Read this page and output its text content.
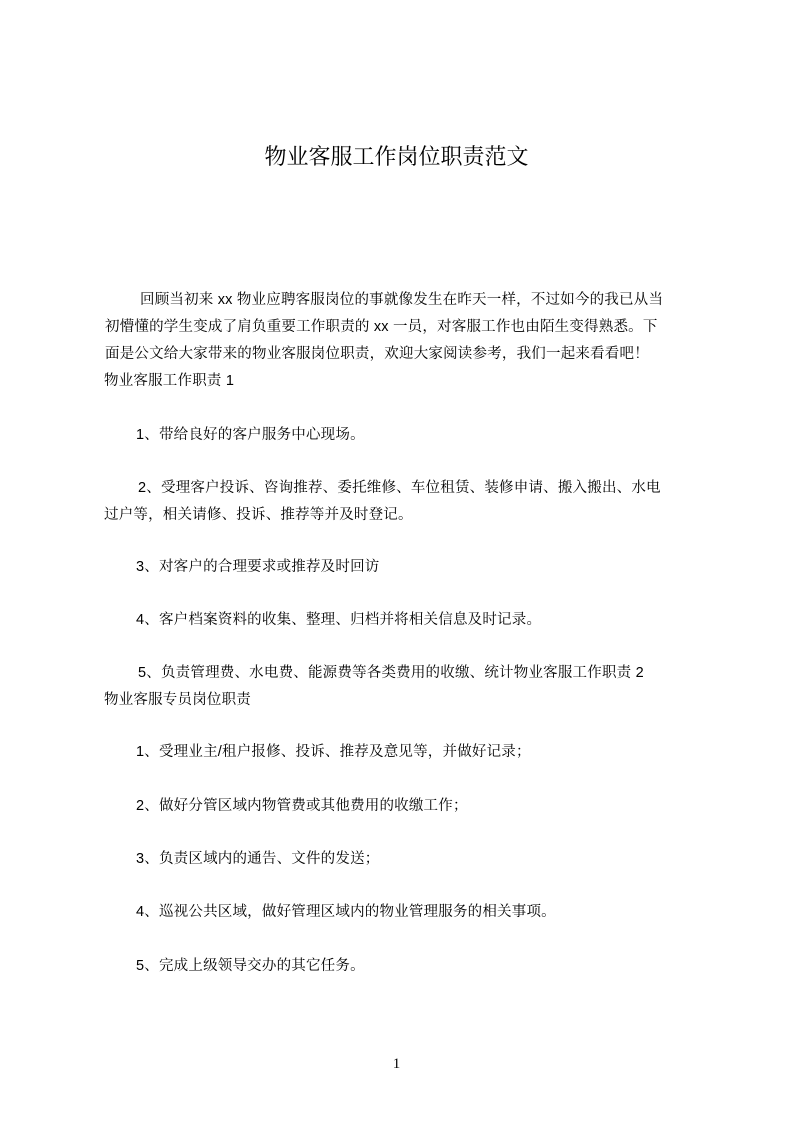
物业客服工作岗位职责范文
回顾当初来 xx 物业应聘客服岗位的事就像发生在昨天一样，不过如今的我已从当
初懵懂的学生变成了肩负重要工作职责的 xx 一员，对客服工作也由陌生变得熟悉。下
面是公文给大家带来的物业客服岗位职责，欢迎大家阅读参考，我们一起来看看吧！
物业客服工作职责 1
1、带给良好的客户服务中心现场。
2、受理客户投诉、咨询推荐、委托维修、车位租赁、装修申请、搬入搬出、水电
过户等，相关请修、投诉、推荐等并及时登记。
3、对客户的合理要求或推荐及时回访
4、客户档案资料的收集、整理、归档并将相关信息及时记录。
5、负责管理费、水电费、能源费等各类费用的收缴、统计物业客服工作职责 2
物业客服专员岗位职责
1、受理业主/租户报修、投诉、推荐及意见等，并做好记录；
2、做好分管区域内物管费或其他费用的收缴工作；
3、负责区域内的通告、文件的发送；
4、巡视公共区域，做好管理区域内的物业管理服务的相关事项。
5、完成上级领导交办的其它任务。
1
